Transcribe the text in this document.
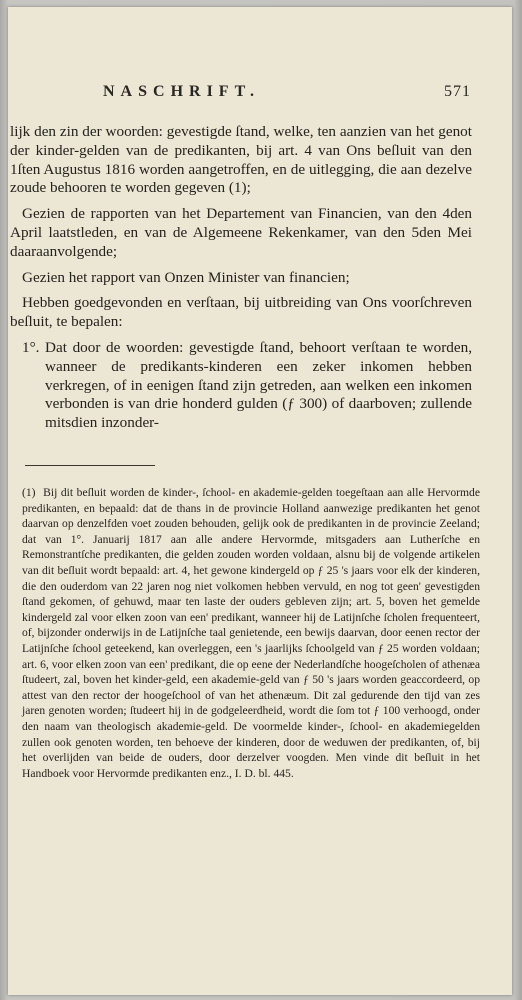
NASCHRIFT.	571

lijk den zin der woorden: gevestigde ſtand, welke, ten aanzien van het genot der kinder-gelden van de predikanten, bij art. 4 van Ons beſluit van den 1ſten Augustus 1816 worden aangetroffen, en de uitlegging, die aan dezelve zoude behooren te worden gegeven (1);

Gezien de rapporten van het Departement van Financien, van den 4den April laatstleden, en van de Algemeene Rekenkamer, van den 5den Mei daaraanvolgende;

Gezien het rapport van Onzen Minister van financien;

Hebben goedgevonden en verſtaan, bij uitbreiding van Ons voorſchreven beſluit, te bepalen:

1°. Dat door de woorden: gevestigde ſtand, behoort verſtaan te worden, wanneer de predikants-kinderen een zeker inkomen hebben verkregen, of in eenigen ſtand zijn getreden, aan welken een inkomen verbonden is van drie honderd gulden (ƒ 300) of daarboven; zullende mitsdien inzonder-
(1) Bij dit beſluit worden de kinder-, ſchool- en akademie-gelden toegeſtaan aan alle Hervormde predikanten, en bepaald: dat de thans in de provincie Holland aanwezige predikanten het genot daarvan op denzelfden voet zouden behouden, gelijk ook de predikanten in de provincie Zeeland; dat van 1°. Januarij 1817 aan alle andere Hervormde, mitsgaders aan Lutherſche en Remonstrantſche predikanten, die gelden zouden worden voldaan, alsnu bij de volgende artikelen van dit beſluit wordt bepaald: art. 4, het gewone kindergeld op ƒ 25 's jaars voor elk der kinderen, die den ouderdom van 22 jaren nog niet volkomen hebben vervuld, en nog tot geen' gevestigden ſtand gekomen, of gehuwd, maar ten laste der ouders gebleven zijn; art. 5, boven het gemelde kindergeld zal voor elken zoon van een' predikant, wanneer hij de Latijnſche ſcholen frequenteert, of, bijzonder onderwijs in de Latijnſche taal genietende, een bewijs daarvan, door eenen rector der Latijnſche ſchool geteekend, kan overleggen, een 's jaarlijks ſchoolgeld van ƒ 25 worden voldaan; art. 6, voor elken zoon van een' predikant, die op eene der Nederlandſche hoogeſcholen of athenæa ſtudeert, zal, boven het kinder-geld, een akademie-geld van ƒ 50 's jaars worden geaccordeerd, op attest van den rector der hoogeſchool of van het athenæum. Dit zal gedurende den tijd van zes jaren genoten worden; ſtudeert hij in de godgeleerdheid, wordt die ſom tot ƒ 100 verhoogd, onder den naam van theologisch akademie-geld. De voormelde kinder-, ſchool- en akademiegelden zullen ook genoten worden, ten behoeve der kinderen, door de weduwen der predikanten, of, bij het overlijden van beide de ouders, door derzelver voogden. Men vinde dit beſluit in het Handboek voor Hervormde predikanten enz., I. D. bl. 445.
